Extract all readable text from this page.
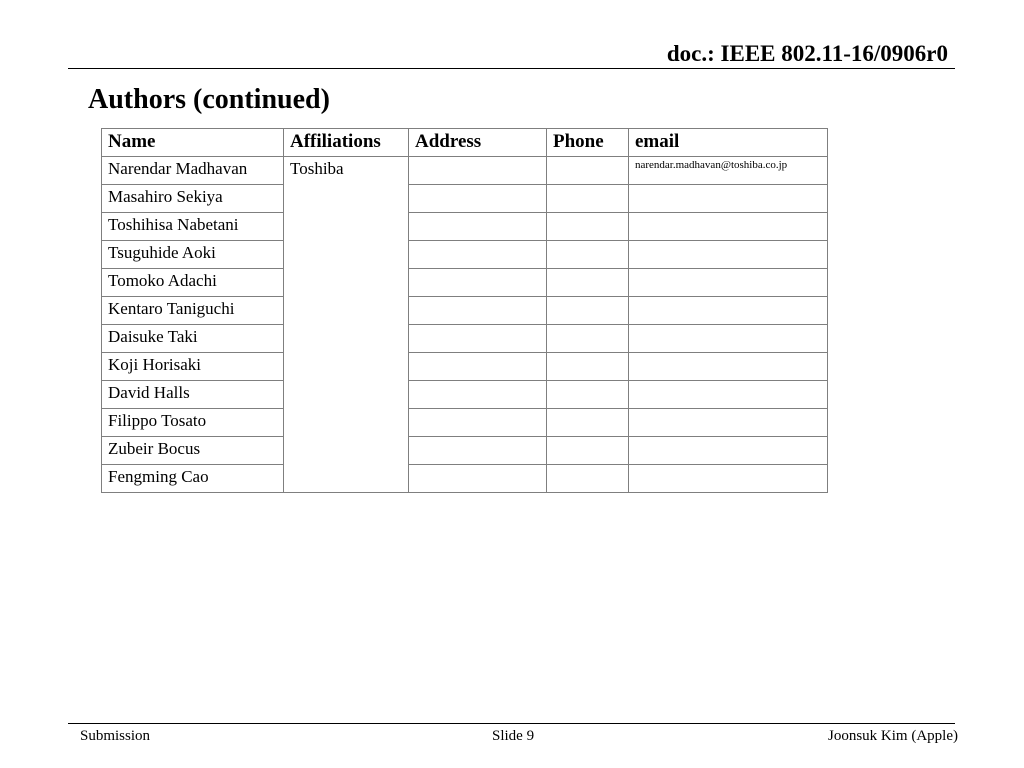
doc.: IEEE 802.11-16/0906r0
Authors (continued)
Name	Affiliations	Address	Phone	email
Narendar Madhavan	Toshiba			narendar.madhavan@toshiba.co.jp
Masahiro Sekiya				
Toshihisa Nabetani				
Tsuguhide Aoki				
Tomoko Adachi				
Kentaro Taniguchi				
Daisuke Taki				
Koji Horisaki				
David Halls				
Filippo Tosato				
Zubeir Bocus				
Fengming Cao				
Submission	Slide 9	Joonsuk Kim (Apple)
